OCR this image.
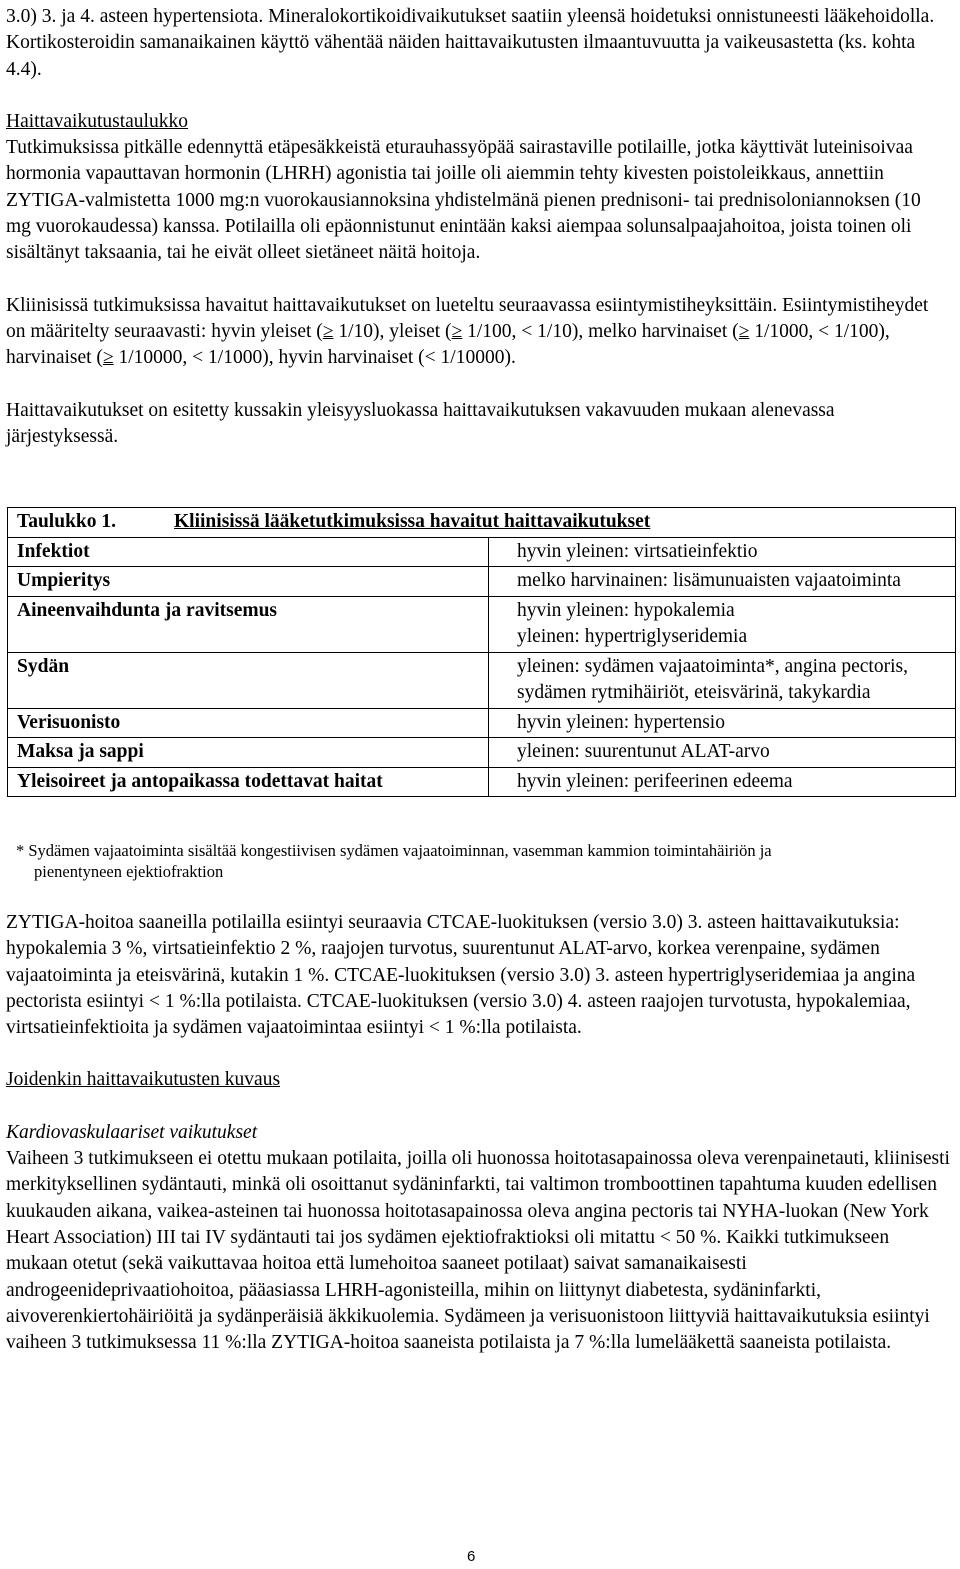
3.0) 3. ja 4. asteen hypertensiota. Mineralokortikoidivaikutukset saatiin yleensä hoidetuksi onnistuneesti lääkehoidolla. Kortikosteroidin samanaikainen käyttö vähentää näiden haittavaikutusten ilmaantuvuutta ja vaikeusastetta (ks. kohta 4.4).

Haittavaikutustaulukko

Tutkimuksissa pitkälle edennyttä etäpesäkkeistä eturauhassyöpää sairastaville potilaille, jotka käyttivät luteinisoivaa hormonia vapauttavan hormonin (LHRH) agonistia tai joille oli aiemmin tehty kivesten poistoleikkaus, annettiin ZYTIGA-valmistetta 1000 mg:n vuorokausiannoksina yhdistelmänä pienen prednisoni- tai prednisoloniannoksen (10 mg vuorokaudessa) kanssa. Potilailla oli epäonnistunut enintään kaksi aiempaa solunsalpaajahoitoa, joista toinen oli sisältänyt taksaania, tai he eivät olleet sietäneet näitä hoitoja.

Kliinisissä tutkimuksissa havaitut haittavaikutukset on lueteltu seuraavassa esiintymistiheyksittäin. Esiintymistiheydet on määritelty seuraavasti: hyvin yleiset (≥ 1/10), yleiset (≥ 1/100, < 1/10), melko harvinaiset (≥ 1/1000, < 1/100), harvinaiset (≥ 1/10000, < 1/1000), hyvin harvinaiset (< 1/10000).

Haittavaikutukset on esitetty kussakin yleisyysluokassa haittavaikutuksen vakavuuden mukaan alenevassa järjestyksessä.

Taulukko 1. Kliinisissä lääketutkimuksissa havaitut haittavaikutukset	
Infektiot	hyvin yleinen: virtsatieinfektio

Umpieritys	melko harvinainen: lisämunuaisten vajaatoiminta

Aineenvaihdunta ja ravitsemus	hyvin yleinen: hypokalemia
yleinen: hypertriglyseridemia

Sydän	yleinen: sydämen vajaatoiminta*, angina pectoris, sydämen rytmihäiriöt, eteisvärinä, takykardia

Verisuonisto	hyvin yleinen: hypertensio

Maksa ja sappi	yleinen: suurentunut ALAT-arvo

Yleisoireet ja antopaikassa todettavat haitat	hyvin yleinen: perifeerinen edeema
* Sydämen vajaatoiminta sisältää kongestiivisen sydämen vajaatoiminnan, vasemman kammion toimintahäiriön ja
pienentyneen ejektiofraktion

ZYTIGA-hoitoa saaneilla potilailla esiintyi seuraavia CTCAE-luokituksen (versio 3.0) 3. asteen haittavaikutuksia: hypokalemia 3 %, virtsatieinfektio 2 %, raajojen turvotus, suurentunut ALAT-arvo, korkea verenpaine, sydämen vajaatoiminta ja eteisvärinä, kutakin 1 %. CTCAE-luokituksen (versio 3.0) 3. asteen hypertriglyseridemiaa ja angina pectorista esiintyi < 1 %:lla potilaista. CTCAE-luokituksen (versio 3.0) 4. asteen raajojen turvotusta, hypokalemiaa, virtsatieinfektioita ja sydämen vajaatoimintaa esiintyi < 1 %:lla potilaista.

Joidenkin haittavaikutusten kuvaus

Kardiovaskulaariset vaikutukset

Vaiheen 3 tutkimukseen ei otettu mukaan potilaita, joilla oli huonossa hoitotasapainossa oleva verenpainetauti, kliinisesti merkityksellinen sydäntauti, minkä oli osoittanut sydäninfarkti, tai valtimon tromboottinen tapahtuma kuuden edellisen kuukauden aikana, vaikea-asteinen tai huonossa hoitotasapainossa oleva angina pectoris tai NYHA-luokan (New York Heart Association) III tai IV sydäntauti tai jos sydämen ejektiofraktioksi oli mitattu < 50 %. Kaikki tutkimukseen mukaan otetut (sekä vaikuttavaa hoitoa että lumehoitoa saaneet potilaat) saivat samanaikaisesti androgeenideprivaatiohoitoa, pääasiassa LHRH-agonisteilla, mihin on liittynyt diabetesta, sydäninfarkti, aivoverenkiertohäiriöitä ja sydänperäisiä äkkikuolemia. Sydämeen ja verisuonistoon liittyviä haittavaikutuksia esiintyi vaiheen 3 tutkimuksessa 11 %:lla ZYTIGA-hoitoa saaneista potilaista ja 7 %:lla lumelääkettä saaneista potilaista.

6
